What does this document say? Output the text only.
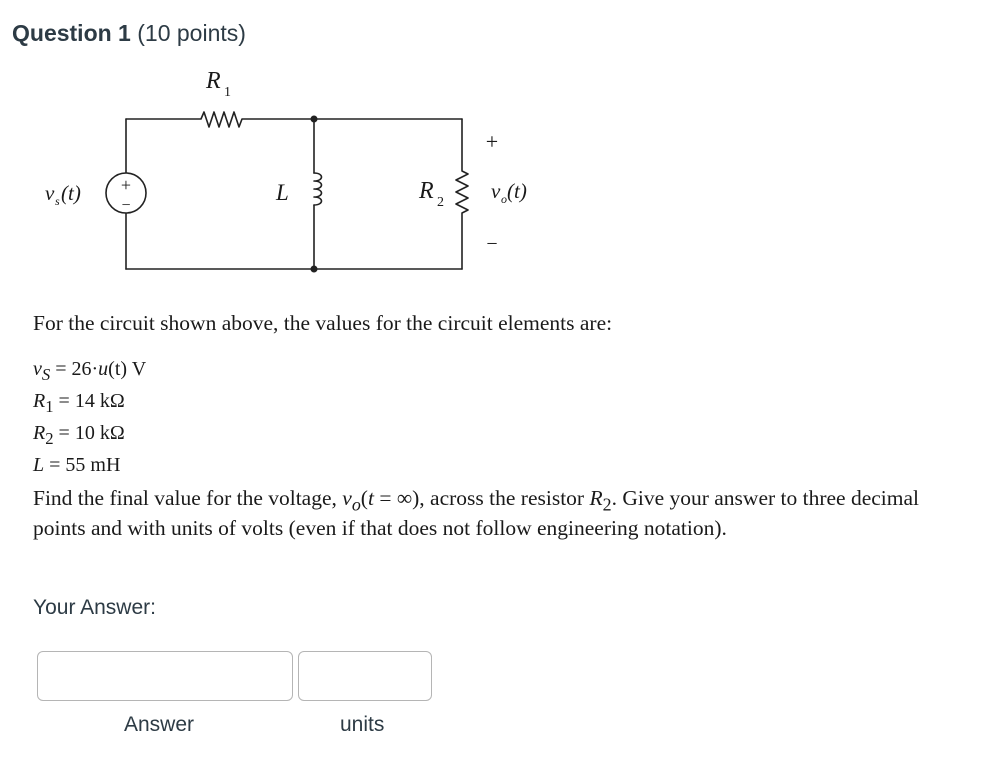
Question 1 (10 points)
+
−
R 1
v s (t)	L	R 2
+
v o (t)
−
For the circuit shown above, the values for the circuit elements are:
$v_S = 26\cdot u(t)$ V
$R_1 = 14$ kΩ
$R_2 = 10$ kΩ
L = 55 mH
Find the final value for the voltage, $v_o(t$ = ∞), across the resistor $R_2$. Give your answer to three decimal points and with units of volts (even if that does not follow engineering notation).
Your Answer:
Answer	units
